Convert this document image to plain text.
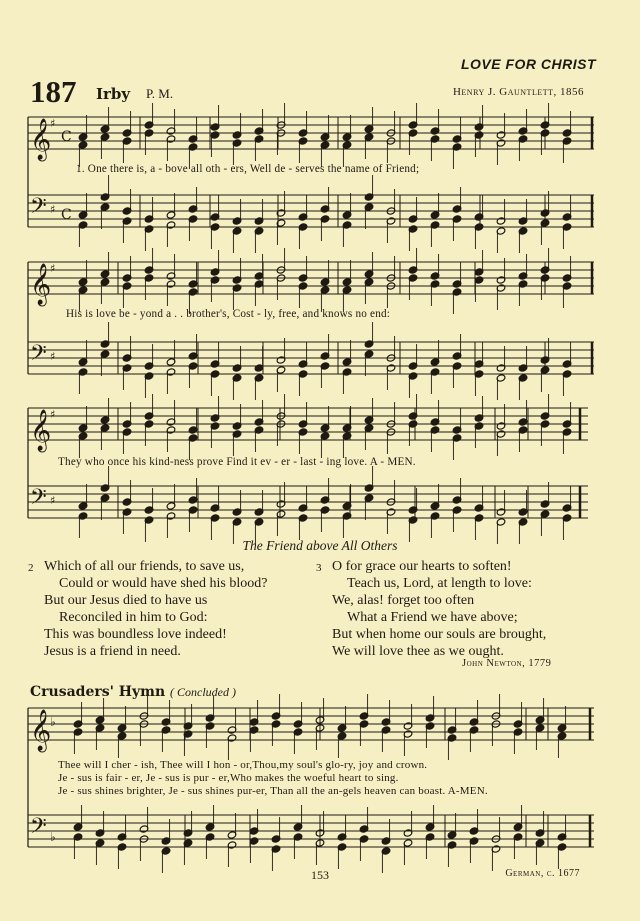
LOVE FOR CHRIST
187 Irby P. M.	Henry J. Gauntlett, 1856
𝄞
𝄢
C
C
♯
♯
𝄞
𝄢
♯
♯
𝄞
𝄢
♯
♯
𝄞
𝄢
♭
♭
1. One there is, a - bove all oth - ers, Well de - serves the name of Friend;
His is love be - yond a . . brother's, Cost - ly, free, and knows no end:
They who once his kind-ness prove Find it ev - er - last - ing love. A - MEN.
The Friend above All Others
2 Which of all our friends, to save us,
Could or would have shed his blood?
But our Jesus died to have us
Reconciled in him to God:
This was boundless love indeed!
Jesus is a friend in need.
3 O for grace our hearts to soften!
Teach us, Lord, at length to love:
We, alas! forget too often
What a Friend we have above;
But when home our souls are brought,
We will love thee as we ought.
John Newton, 1779
Crusaders' Hymn ( Concluded )
Thee will I cher - ish, Thee will I hon - or,Thou,my soul's glo-ry, joy and crown.
Je - sus is fair - er, Je - sus is pur - er,Who makes the woeful heart to sing.
Je - sus shines brighter, Je - sus shines pur-er, Than all the an-gels heaven can boast. A-MEN.
153	German, c. 1677
